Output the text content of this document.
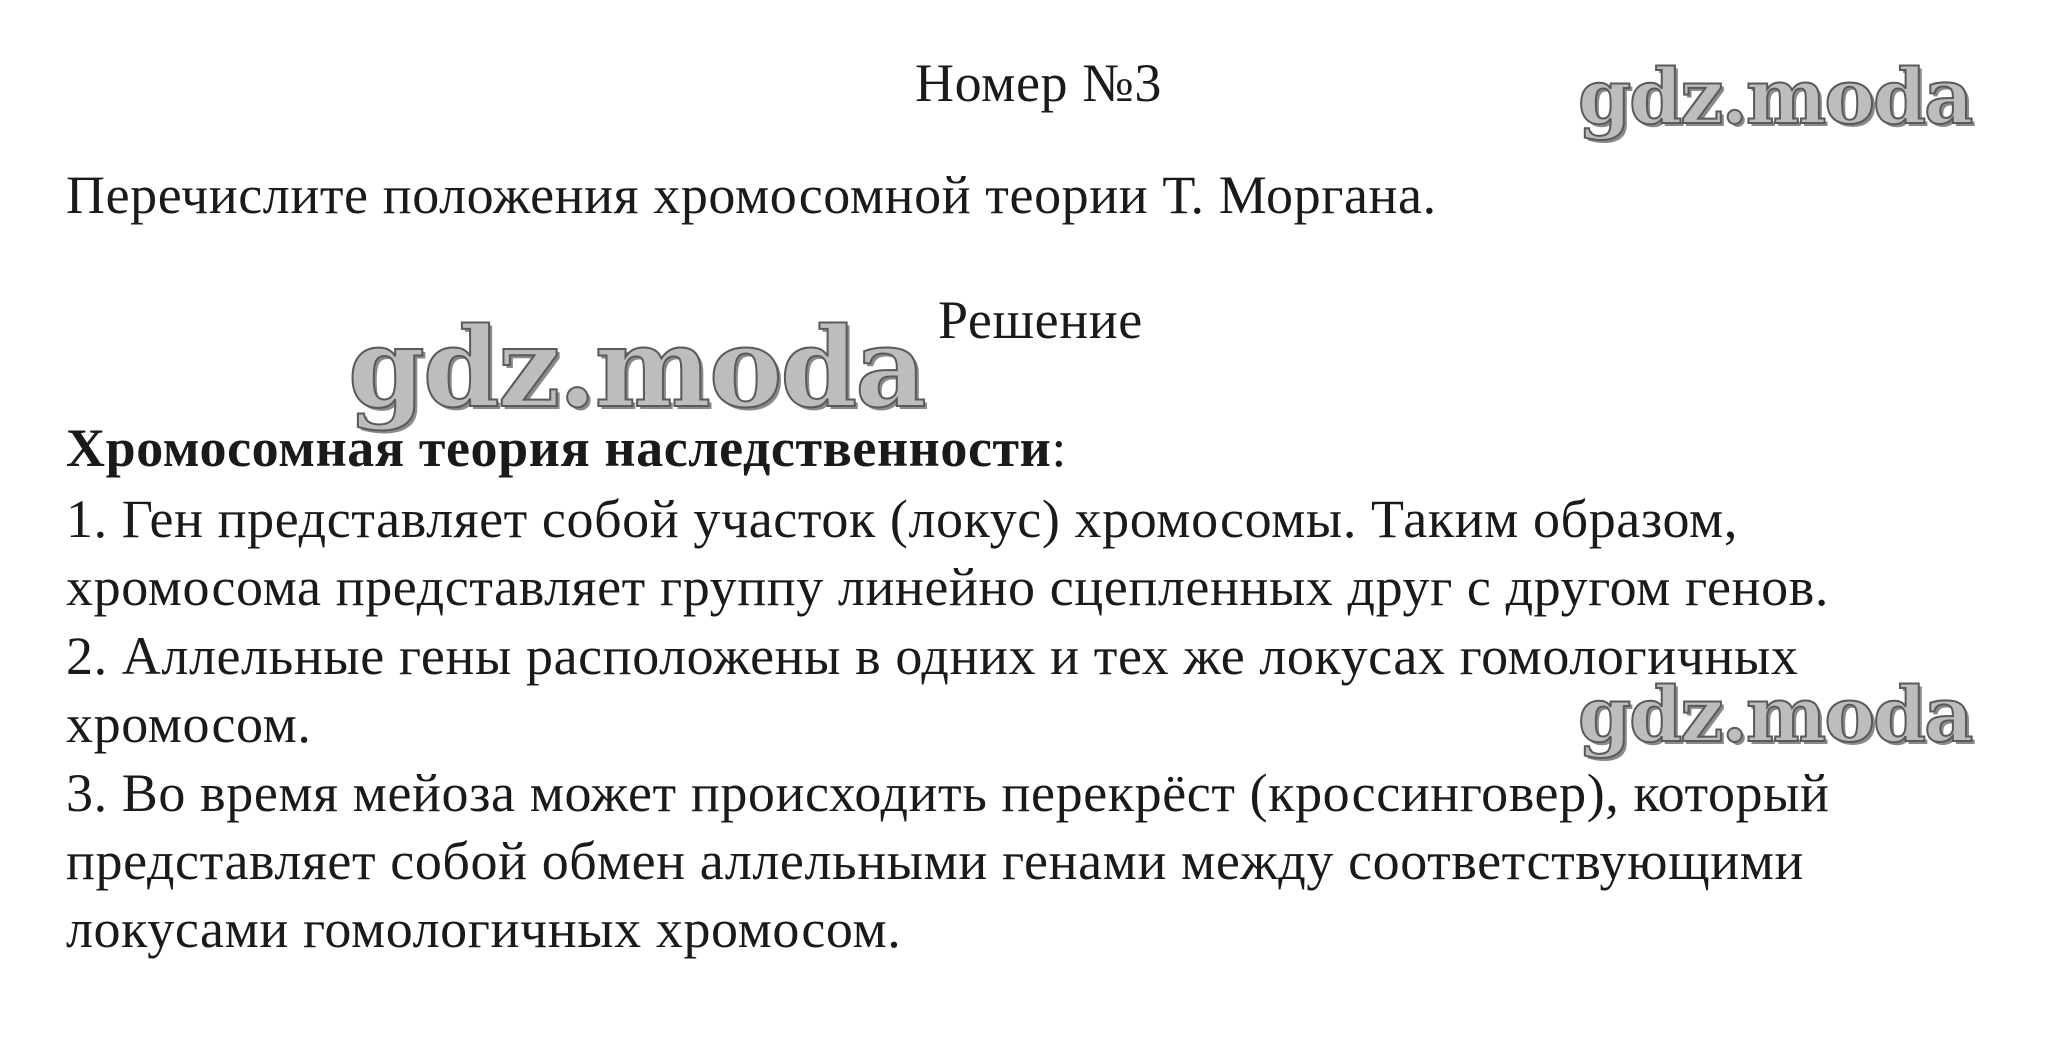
Номер №3
Перечислите положения хромосомной теории Т. Моргана.
gdz.moda
Решение
gdz.moda
Хромосомная теория наследственности:
1. Ген представляет собой участок (локус) хромосомы. Таким образом,
хромосома представляет группу линейно сцепленных друг с другом генов.
2. Аллельные гены расположены в одних и тех же локусах гомологичных
хромосом.	gdz.moda
3. Во время мейоза может происходить перекрёст (кроссинговер), который
представляет собой обмен аллельными генами между соответствующими
локусами гомологичных хромосом.
